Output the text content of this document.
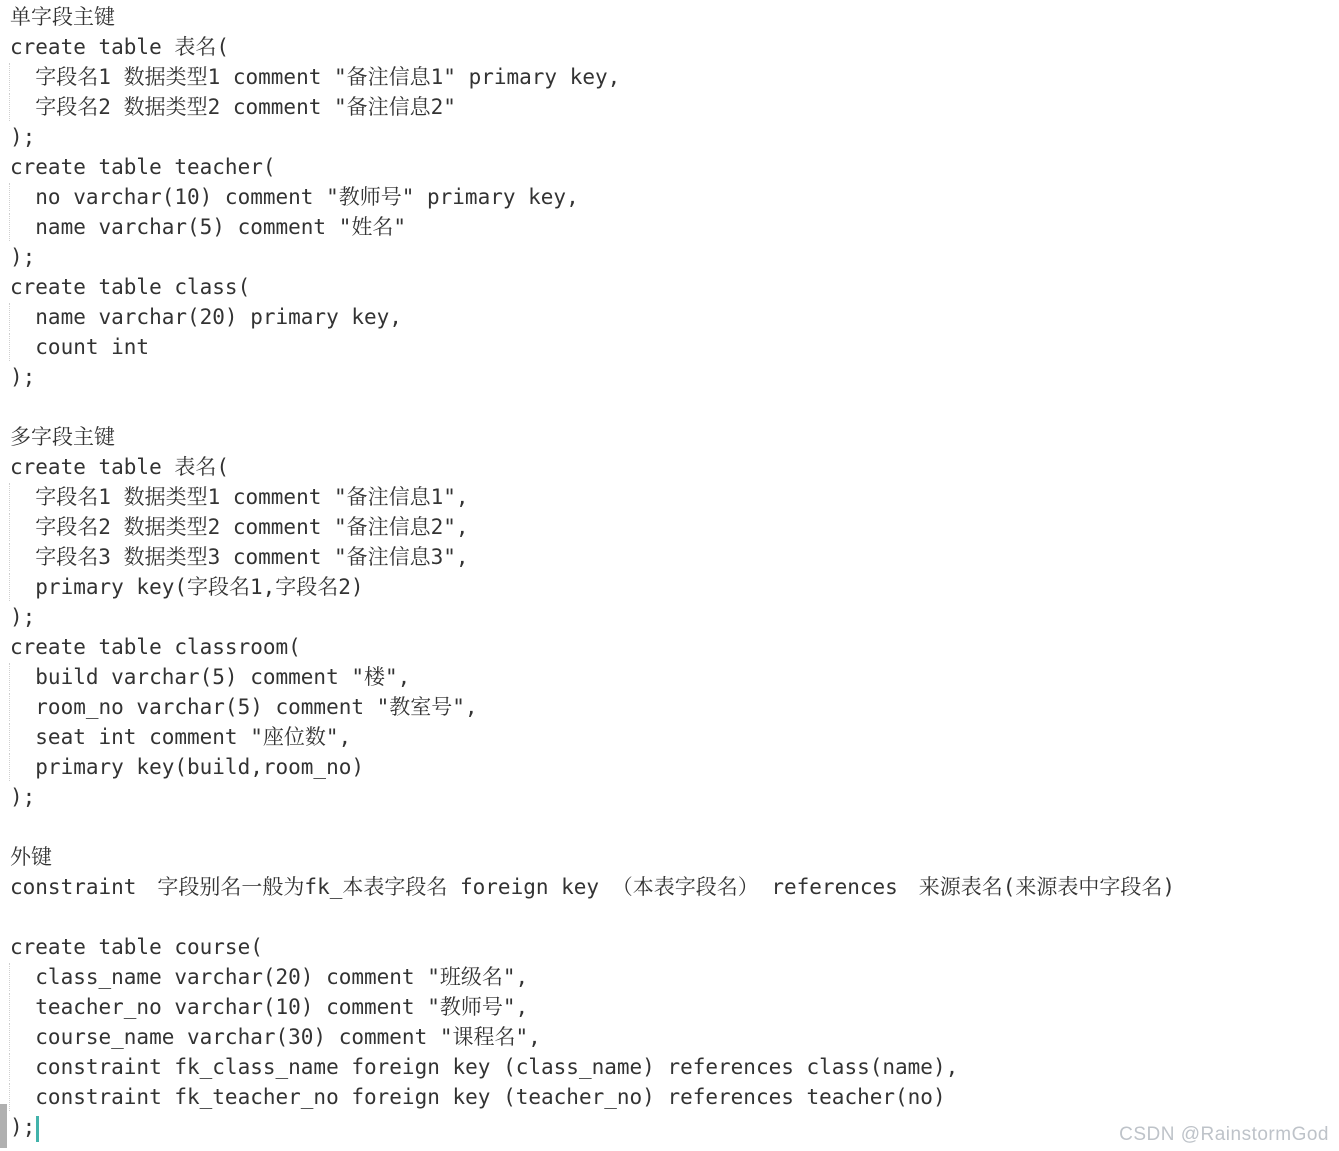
单字段主键
create table 表名(
字段名1 数据类型1 comment "备注信息1" primary key,
字段名2 数据类型2 comment "备注信息2"
);
create table teacher(
no varchar(10) comment "教师号" primary key,
name varchar(5) comment "姓名"
);
create table class(
name varchar(20) primary key,
count int
);
多字段主键
create table 表名(
字段名1 数据类型1 comment "备注信息1",
字段名2 数据类型2 comment "备注信息2",
字段名3 数据类型3 comment "备注信息3",
primary key(字段名1,字段名2)
);
create table classroom(
build varchar(5) comment "楼",
room_no varchar(5) comment "教室号",
seat int comment "座位数",
primary key(build,room_no)
);
外键
constraint　字段别名一般为fk_本表字段名 foreign key （本表字段名） references　来源表名(来源表中字段名)
create table course(
class_name varchar(20) comment "班级名",
teacher_no varchar(10) comment "教师号",
course_name varchar(30) comment "课程名",
constraint fk_class_name foreign key (class_name) references class(name),
constraint fk_teacher_no foreign key (teacher_no) references teacher(no)
);	CSDN @RainstormGod
